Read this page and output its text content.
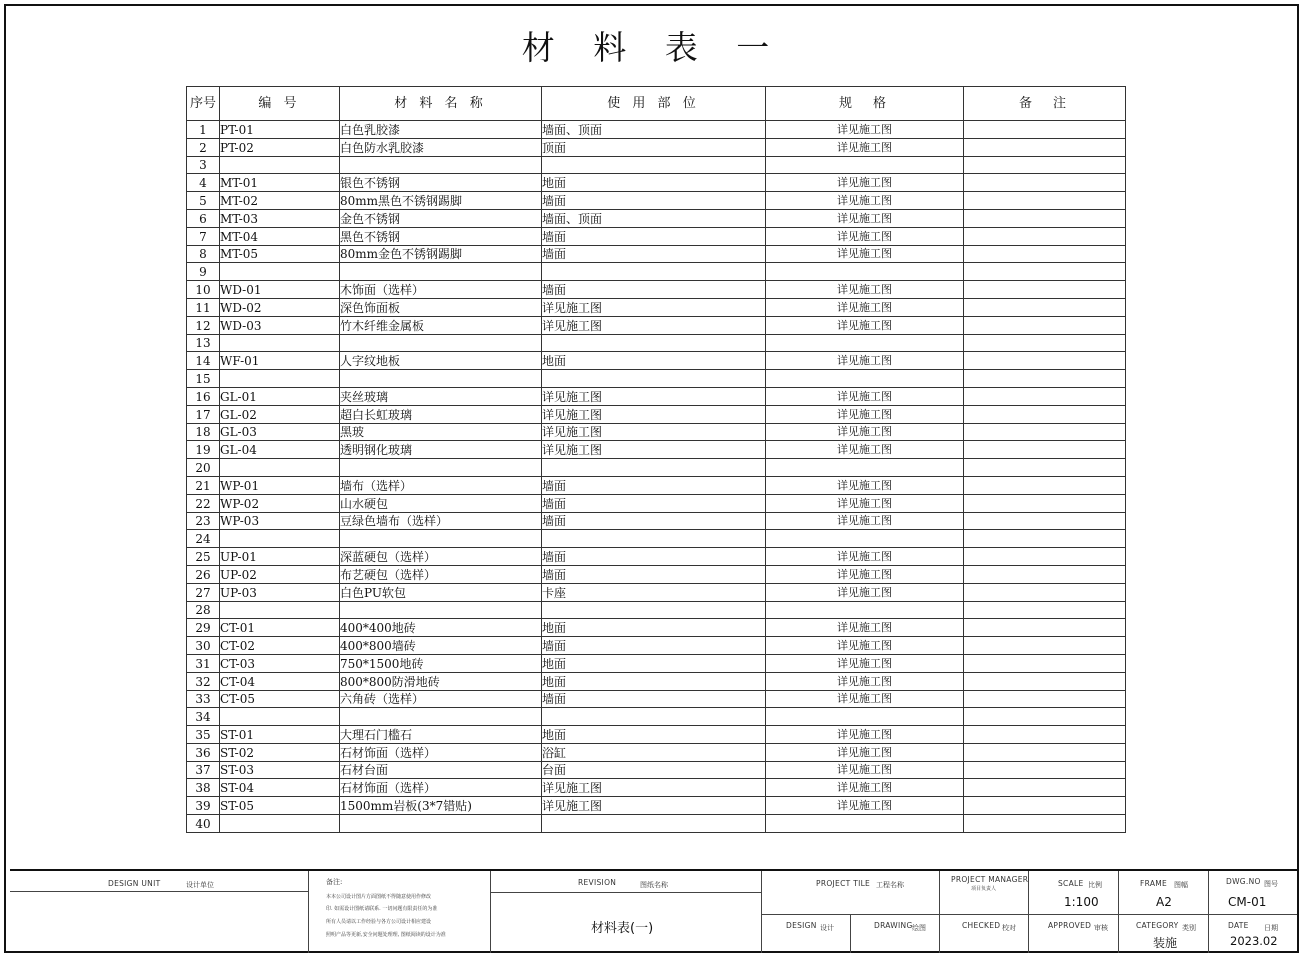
材 料 表 一
序号	编 号	材 料 名 称	使 用 部 位	规　格	备　注
1	PT-01	白色乳胶漆	墙面、顶面	详见施工图	
2	PT-02	白色防水乳胶漆	顶面	详见施工图	
3					
4	MT-01	银色不锈钢	地面	详见施工图	
5	MT-02	80mm黑色不锈钢踢脚	墙面	详见施工图	
6	MT-03	金色不锈钢	墙面、顶面	详见施工图	
7	MT-04	黑色不锈钢	墙面	详见施工图	
8	MT-05	80mm金色不锈钢踢脚	墙面	详见施工图	
9					
10	WD-01	木饰面（选样）	墙面	详见施工图	
11	WD-02	深色饰面板	详见施工图	详见施工图	
12	WD-03	竹木纤维金属板	详见施工图	详见施工图	
13					
14	WF-01	人字纹地板	地面	详见施工图	
15					
16	GL-01	夹丝玻璃	详见施工图	详见施工图	
17	GL-02	超白长虹玻璃	详见施工图	详见施工图	
18	GL-03	黑玻	详见施工图	详见施工图	
19	GL-04	透明钢化玻璃	详见施工图	详见施工图	
20					
21	WP-01	墙布（选样）	墙面	详见施工图	
22	WP-02	山水硬包	墙面	详见施工图	
23	WP-03	豆绿色墙布（选样）	墙面	详见施工图	
24					
25	UP-01	深蓝硬包（选样）	墙面	详见施工图	
26	UP-02	布艺硬包（选样）	墙面	详见施工图	
27	UP-03	白色PU软包	卡座	详见施工图	
28					
29	CT-01	400*400地砖	地面	详见施工图	
30	CT-02	400*800墙砖	墙面	详见施工图	
31	CT-03	750*1500地砖	地面	详见施工图	
32	CT-04	800*800防滑地砖	地面	详见施工图	
33	CT-05	六角砖（选样）	墙面	详见施工图	
34					
35	ST-01	大理石门槛石	地面	详见施工图	
36	ST-02	石材饰面（选样）	浴缸	详见施工图	
37	ST-03	石材台面	台面	详见施工图	
38	ST-04	石材饰面（选样）	详见施工图	详见施工图	
39	ST-05	1500mm岩板(3*7错贴)	详见施工图	详见施工图	
40					
DESIGN UNIT	设计单位	备注:
本本公司设计图片方面图纸不得随意使用作修改
印. 如需设计图纸请联系. 一切问题有限责任的为准
所有人员请以工作经验与各方公司设计相应建设
照明产品等更新,安全问题处理理, 图纸阅读的设计为准
REVISION	图纸名称
材料表(一)
PROJECT TILE 工程名称
DESIGN 设计	DRAWING 绘图
PROJECT MANAGER
项目负责人
CHECKED 校对
SCALE 比例
1:100
APPROVED 审核
FRAME 图幅
A2
CATEGORY 类别
装施
DWG.NO 图号
CM-01
DATE 日期
2023.02
